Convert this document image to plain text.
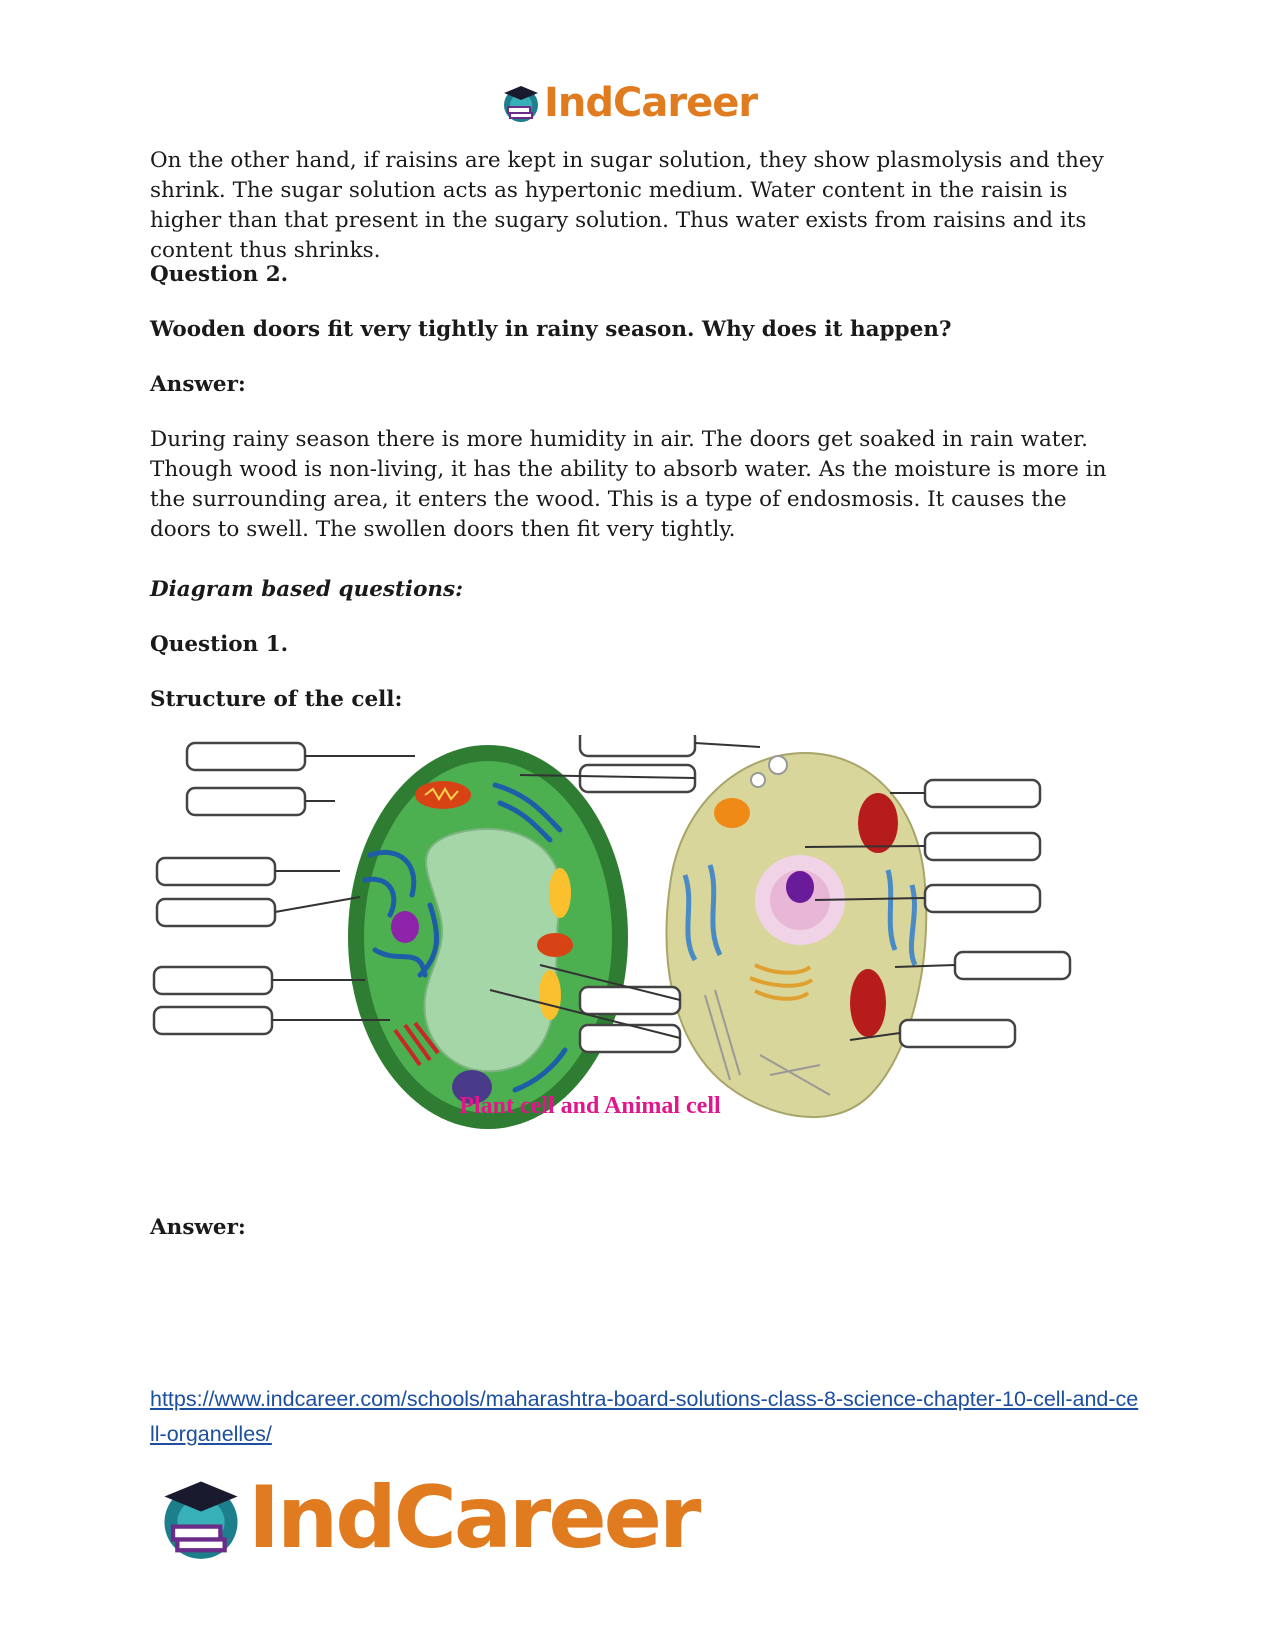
IndCareer

On the other hand, if raisins are kept in sugar solution, they show plasmolysis and they shrink. The sugar solution acts as hypertonic medium. Water content in the raisin is higher than that present in the sugary solution. Thus water exists from raisins and its content thus shrinks.

Question 2.

Wooden doors fit very tightly in rainy season. Why does it happen?

Answer:

During rainy season there is more humidity in air. The doors get soaked in rain water. Though wood is non-living, it has the ability to absorb water. As the moisture is more in the surrounding area, it enters the wood. This is a type of endosmosis. It causes the doors to swell. The swollen doors then fit very tightly.

Diagram based questions:

Question 1.

Structure of the cell:

Plant cell and Animal cell

Answer:

https://www.indcareer.com/schools/maharashtra-board-solutions-class-8-science-chapter-10-cell-and-cell-organelles/
IndCareer
